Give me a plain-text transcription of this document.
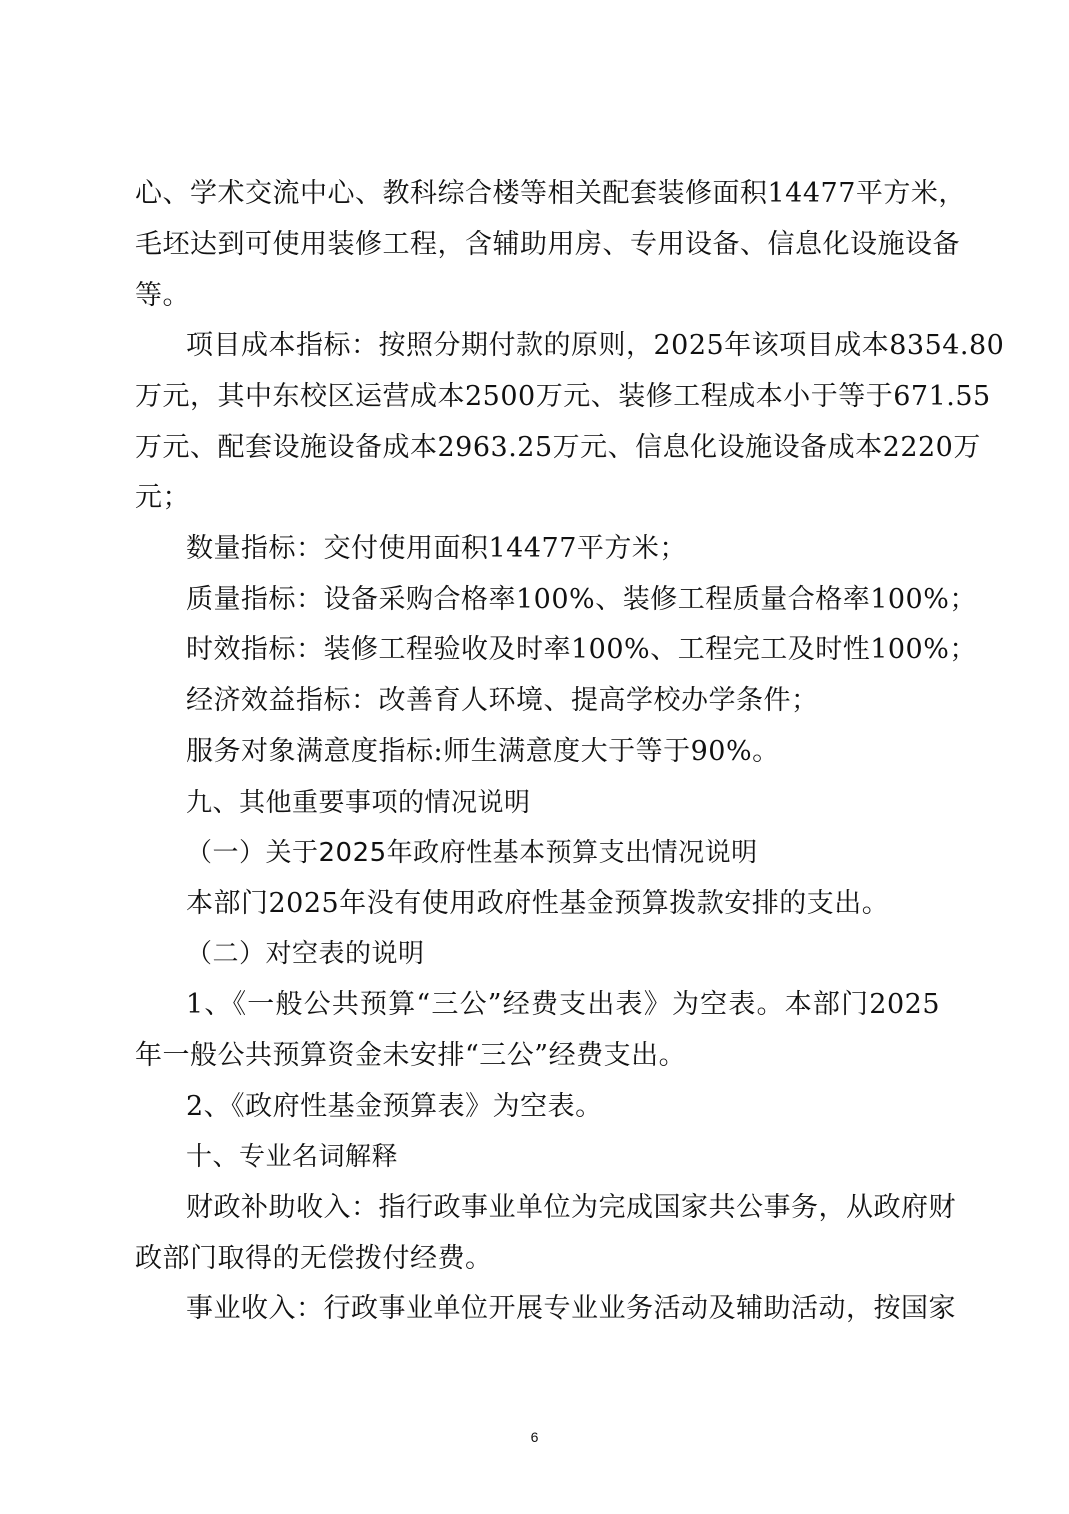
心、学术交流中心、教科综合楼等相关配套装修面积14477平方米，

毛坯达到可使用装修工程，含辅助用房、专用设备、信息化设施设备

等。

项目成本指标：按照分期付款的原则，2025年该项目成本8354.80

万元，其中东校区运营成本2500万元、装修工程成本小于等于671.55

万元、配套设施设备成本2963.25万元、信息化设施设备成本2220万

元；

数量指标：交付使用面积14477平方米；

质量指标：设备采购合格率100%、装修工程质量合格率100%；

时效指标：装修工程验收及时率100%、工程完工及时性100%；

经济效益指标：改善育人环境、提高学校办学条件；

服务对象满意度指标:师生满意度大于等于90%。

九、其他重要事项的情况说明

（一）关于2025年政府性基本预算支出情况说明

本部门2025年没有使用政府性基金预算拨款安排的支出。

（二）对空表的说明

1、《一般公共预算“三公”经费支出表》为空表。本部门2025

年一般公共预算资金未安排“三公”经费支出。

2、《政府性基金预算表》为空表。

十、专业名词解释

财政补助收入：指行政事业单位为完成国家共公事务，从政府财

政部门取得的无偿拨付经费。

事业收入：行政事业单位开展专业业务活动及辅助活动，按国家

6
